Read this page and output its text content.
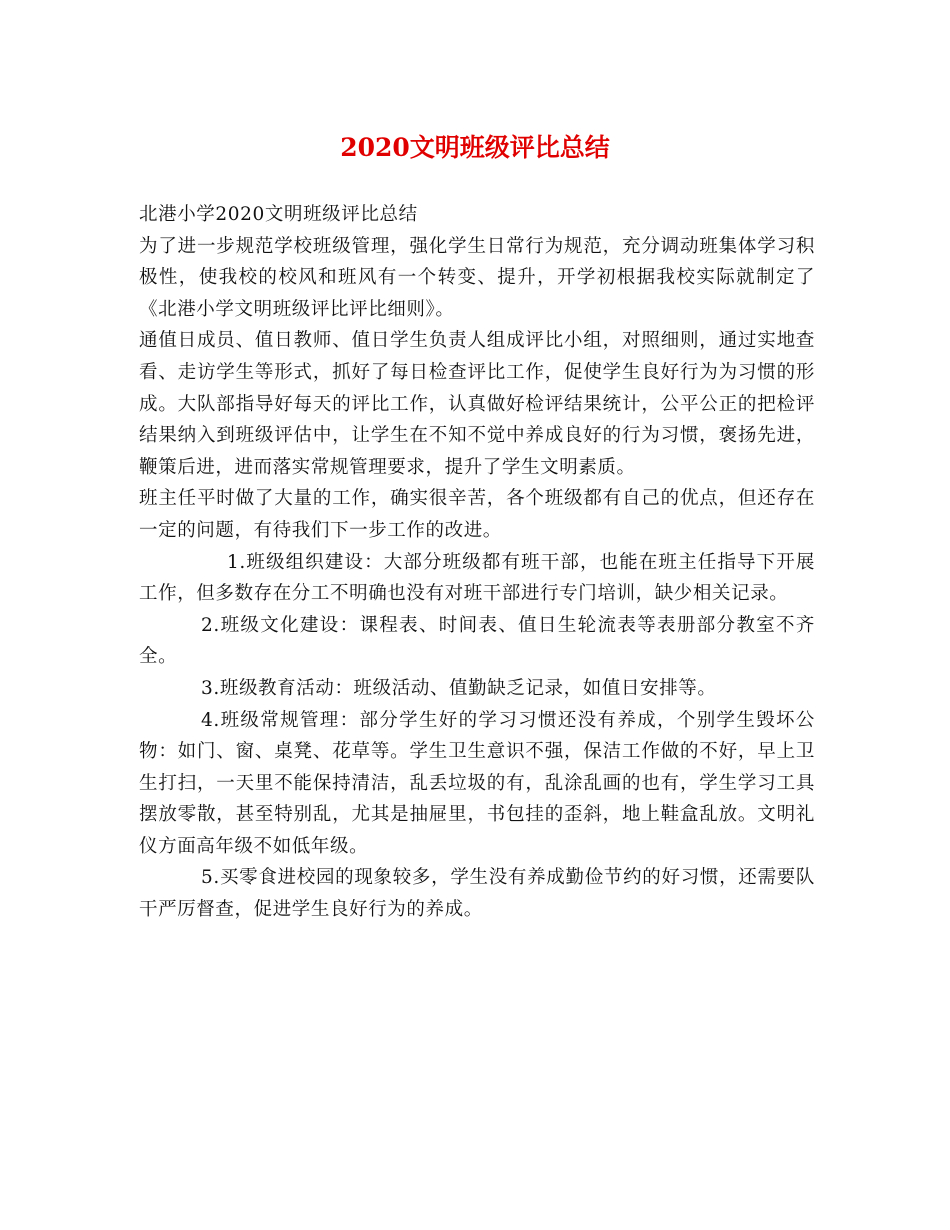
2020文明班级评比总结

北港小学2020文明班级评比总结

为了进一步规范学校班级管理，强化学生日常行为规范，充分调动班集体学习积极性，使我校的校风和班风有一个转变、提升，开学初根据我校实际就制定了《北港小学文明班级评比评比细则》。

通值日成员、值日教师、值日学生负责人组成评比小组，对照细则，通过实地查看、走访学生等形式，抓好了每日检查评比工作，促使学生良好行为为习惯的形成。大队部指导好每天的评比工作，认真做好检评结果统计，公平公正的把检评结果纳入到班级评估中，让学生在不知不觉中养成良好的行为习惯，褒扬先进，鞭策后进，进而落实常规管理要求，提升了学生文明素质。

班主任平时做了大量的工作，确实很辛苦，各个班级都有自己的优点，但还存在一定的问题，有待我们下一步工作的改进。

1.班级组织建设：大部分班级都有班干部，也能在班主任指导下开展工作，但多数存在分工不明确也没有对班干部进行专门培训，缺少相关记录。

2.班级文化建设：课程表、时间表、值日生轮流表等表册部分教室不齐全。

3.班级教育活动：班级活动、值勤缺乏记录，如值日安排等。

4.班级常规管理：部分学生好的学习习惯还没有养成，个别学生毁坏公物：如门、窗、桌凳、花草等。学生卫生意识不强，保洁工作做的不好，早上卫生打扫，一天里不能保持清洁，乱丢垃圾的有，乱涂乱画的也有，学生学习工具摆放零散，甚至特别乱，尤其是抽屉里，书包挂的歪斜，地上鞋盒乱放。文明礼仪方面高年级不如低年级。

5.买零食进校园的现象较多，学生没有养成勤俭节约的好习惯，还需要队干严厉督查，促进学生良好行为的养成。
